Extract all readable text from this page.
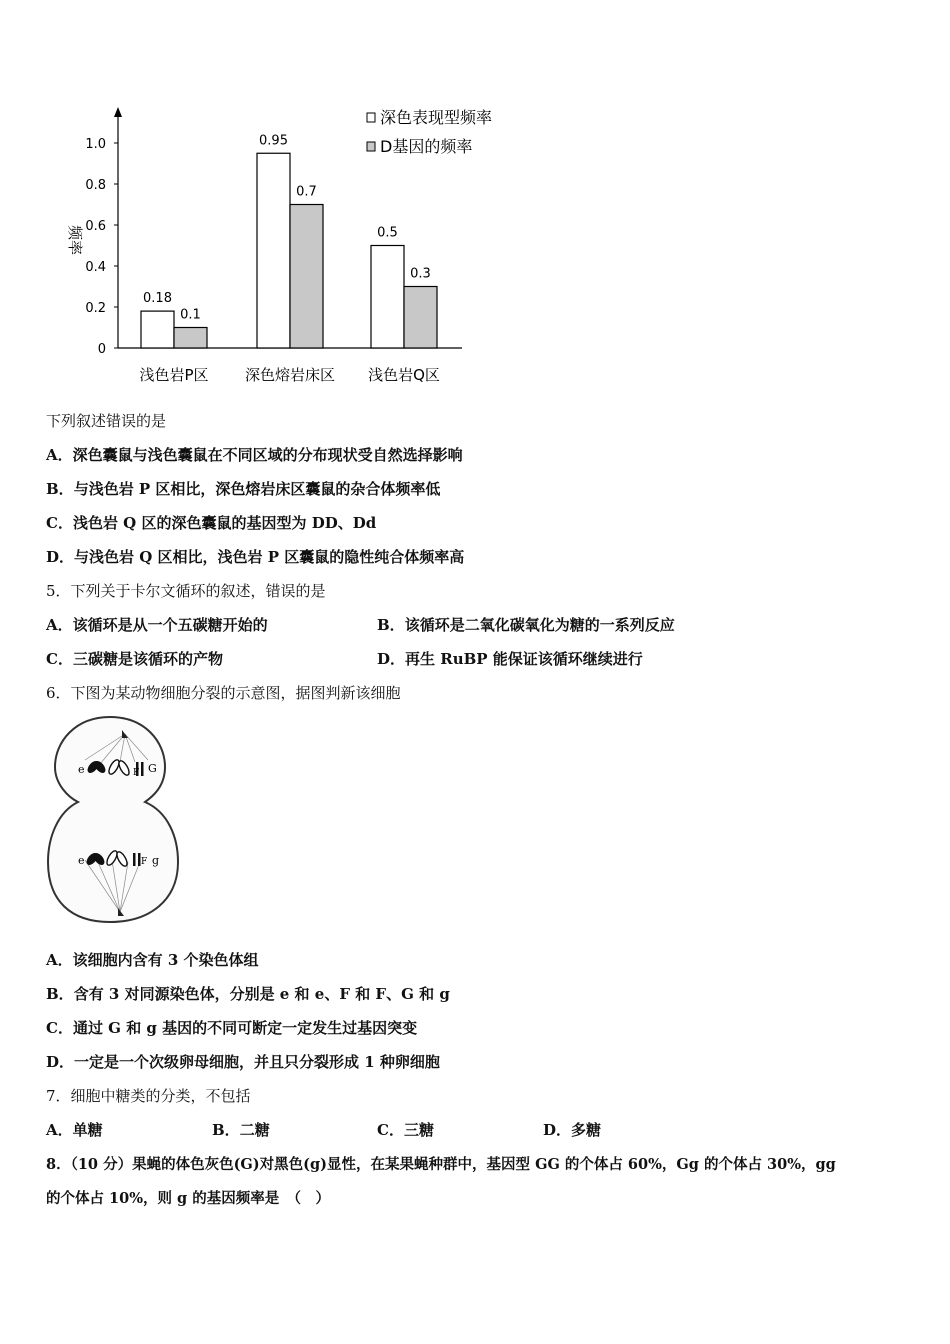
频率
0
0.2
0.4
0.6
0.8
1.0
0.18
0.1
0.95
0.7
0.5
0.3
浅色岩P区 深色熔岩床区 浅色岩Q区
深色表现型频率
D基因的频率
下列叙述错误的是
A．深色囊鼠与浅色囊鼠在不同区域的分布现状受自然选择影响
B．与浅色岩 P 区相比，深色熔岩床区囊鼠的杂合体频率低
C．浅色岩 Q 区的深色囊鼠的基因型为 DD、Dd
D．与浅色岩 Q 区相比，浅色岩 P 区囊鼠的隐性纯合体频率高
5．下列关于卡尔文循环的叙述，错误的是
A．该循环是从一个五碳糖开始的	B．该循环是二氧化碳氧化为糖的一系列反应
C．三碳糖是该循环的产物	D．再生 RuBP 能保证该循环继续进行
6．下图为某动物细胞分裂的示意图，据图判新该细胞
e	F G
e	F g
A．该细胞内含有 3 个染色体组
B．含有 3 对同源染色体，分别是 e 和 e、F 和 F、G 和 g
C．通过 G 和 g 基因的不同可断定一定发生过基因突变
D．一定是一个次级卵母细胞，并且只分裂形成 1 种卵细胞
7．细胞中糖类的分类，不包括
A．单糖	B．二糖	C．三糖	D．多糖
8．（10 分）果蝇的体色灰色(G)对黑色(g)显性，在某果蝇种群中，基因型 GG 的个体占 60%，Gg 的个体占 30%，gg
的个体占 10%，则 g 的基因频率是　（　）
